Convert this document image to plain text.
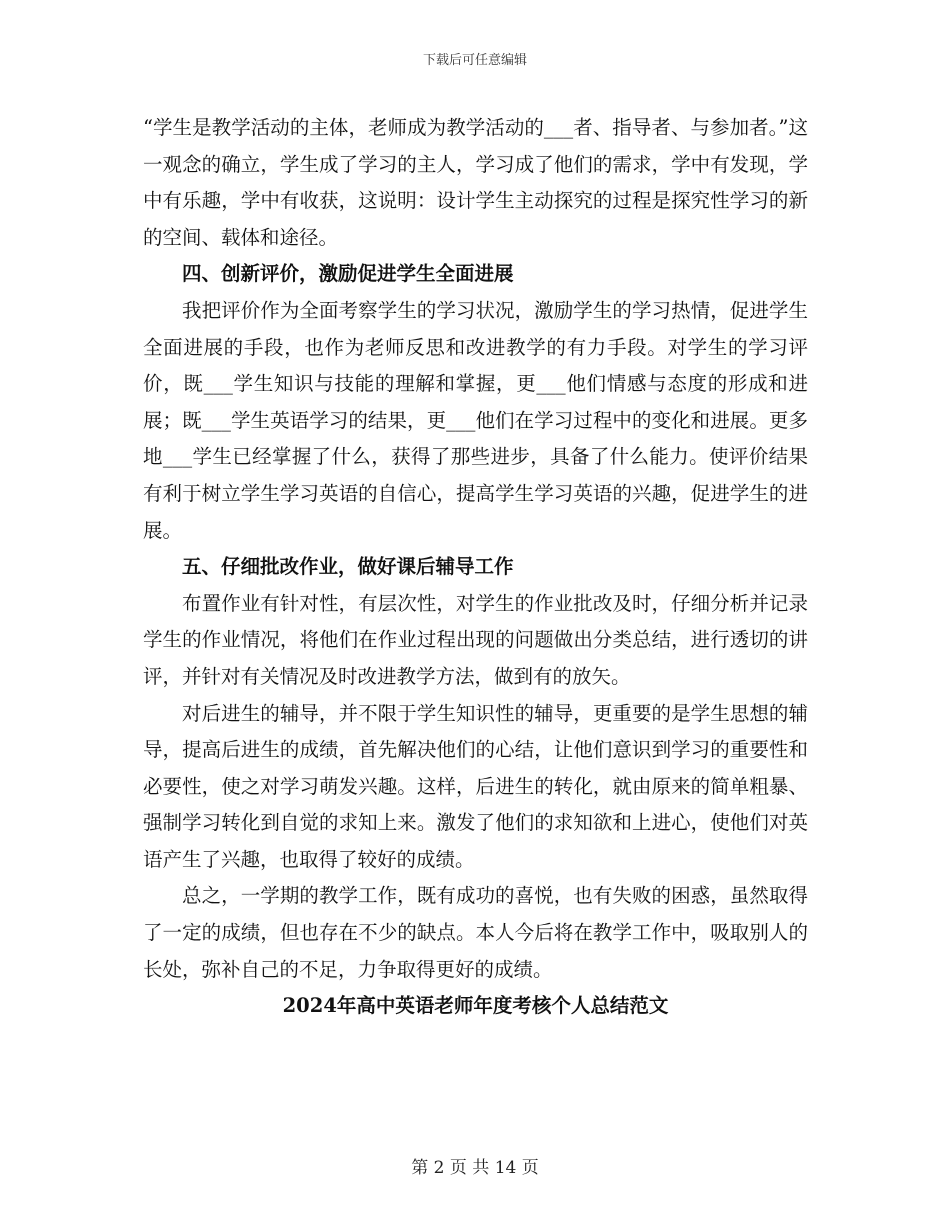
下载后可任意编辑

“学生是教学活动的主体，老师成为教学活动的___者、指导者、与参加者。”这一观念的确立，学生成了学习的主人，学习成了他们的需求，学中有发现，学中有乐趣，学中有收获，这说明：设计学生主动探究的过程是探究性学习的新的空间、载体和途径。

四、创新评价，激励促进学生全面进展

我把评价作为全面考察学生的学习状况，激励学生的学习热情，促进学生全面进展的手段，也作为老师反思和改进教学的有力手段。对学生的学习评价，既___学生知识与技能的理解和掌握，更___他们情感与态度的形成和进展；既___学生英语学习的结果，更___他们在学习过程中的变化和进展。更多地___学生已经掌握了什么，获得了那些进步，具备了什么能力。使评价结果有利于树立学生学习英语的自信心，提高学生学习英语的兴趣，促进学生的进展。

五、仔细批改作业，做好课后辅导工作

布置作业有针对性，有层次性，对学生的作业批改及时，仔细分析并记录学生的作业情况，将他们在作业过程出现的问题做出分类总结，进行透切的讲评，并针对有关情况及时改进教学方法，做到有的放矢。

对后进生的辅导，并不限于学生知识性的辅导，更重要的是学生思想的辅导，提高后进生的成绩，首先解决他们的心结，让他们意识到学习的重要性和必要性，使之对学习萌发兴趣。这样，后进生的转化，就由原来的简单粗暴、强制学习转化到自觉的求知上来。激发了他们的求知欲和上进心，使他们对英语产生了兴趣，也取得了较好的成绩。

总之，一学期的教学工作，既有成功的喜悦，也有失败的困惑，虽然取得了一定的成绩，但也存在不少的缺点。本人今后将在教学工作中，吸取别人的长处，弥补自己的不足，力争取得更好的成绩。

2024年高中英语老师年度考核个人总结范文
第 2 页 共 14 页
